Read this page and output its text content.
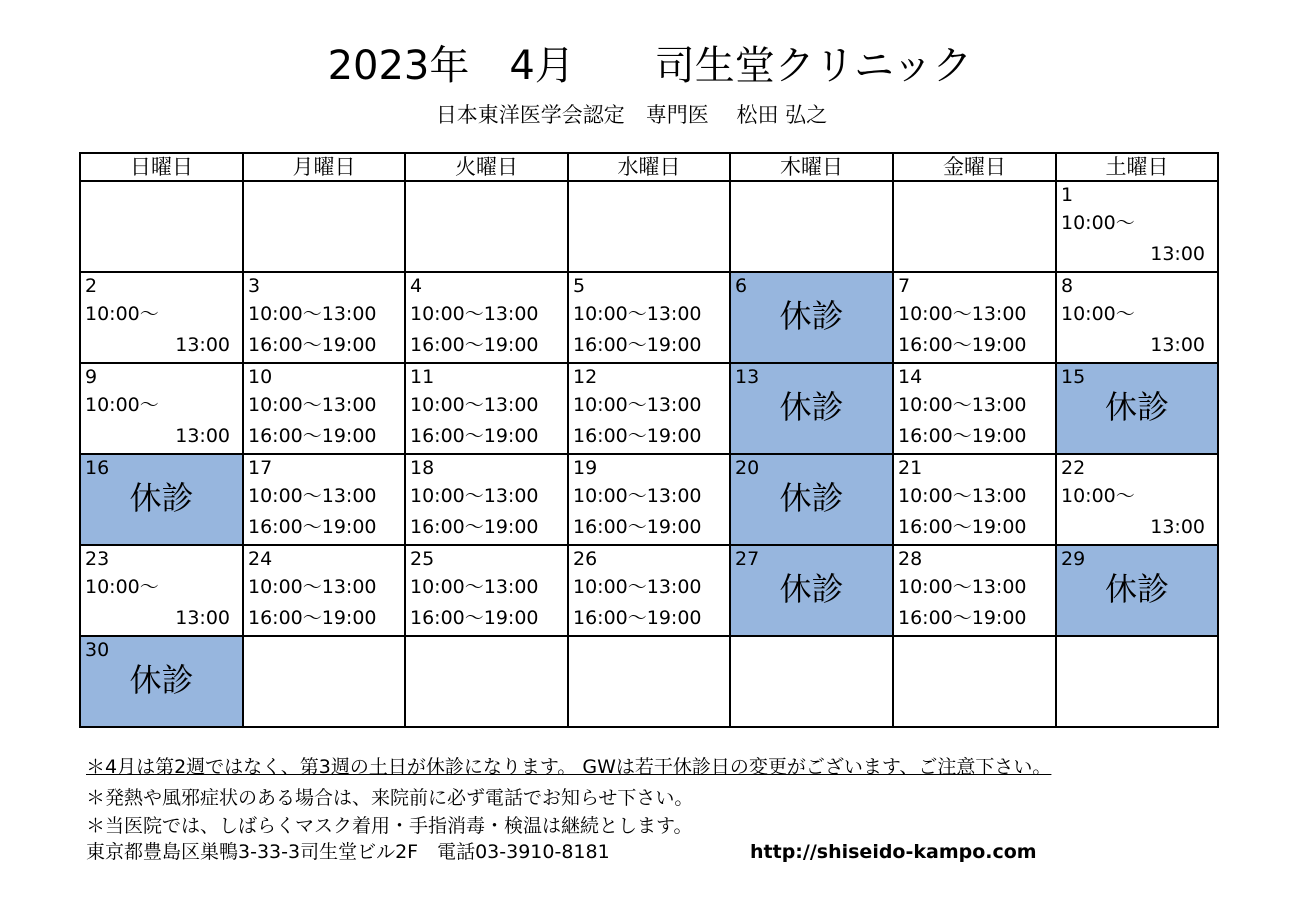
2023年　4月　　司生堂クリニック
日本東洋医学会認定　専門医　 松田 弘之
日曜日	月曜日	火曜日	水曜日	木曜日	金曜日	土曜日

						1
10:00～
13:00

2
10:00～
13:00	3
10:00～13:00
16:00～19:00	4
10:00～13:00
16:00～19:00	5
10:00～13:00
16:00～19:00	6
休診	7
10:00～13:00
16:00～19:00	8
10:00～
13:00

9
10:00～
13:00	10
10:00～13:00
16:00～19:00	11
10:00～13:00
16:00～19:00	12
10:00～13:00
16:00～19:00	13
休診	14
10:00～13:00
16:00～19:00	15
休診

16
休診	17
10:00～13:00
16:00～19:00	18
10:00～13:00
16:00～19:00	19
10:00～13:00
16:00～19:00	20
休診	21
10:00～13:00
16:00～19:00	22
10:00～
13:00

23
10:00～
13:00	24
10:00～13:00
16:00～19:00	25
10:00～13:00
16:00～19:00	26
10:00～13:00
16:00～19:00	27
休診	28
10:00～13:00
16:00～19:00	29
休診

30
休診						

＊4月は第2週ではなく、第3週の土日が休診になります。 GWは若干休診日の変更がございます、ご注意下さい。
＊発熱や風邪症状のある場合は、来院前に必ず電話でお知らせ下さい。
＊当医院では、しばらくマスク着用・手指消毒・検温は継続とします。
東京都豊島区巣鴨3-33-3司生堂ビル2F　電話03-3910-8181	http://shiseido-kampo.com
